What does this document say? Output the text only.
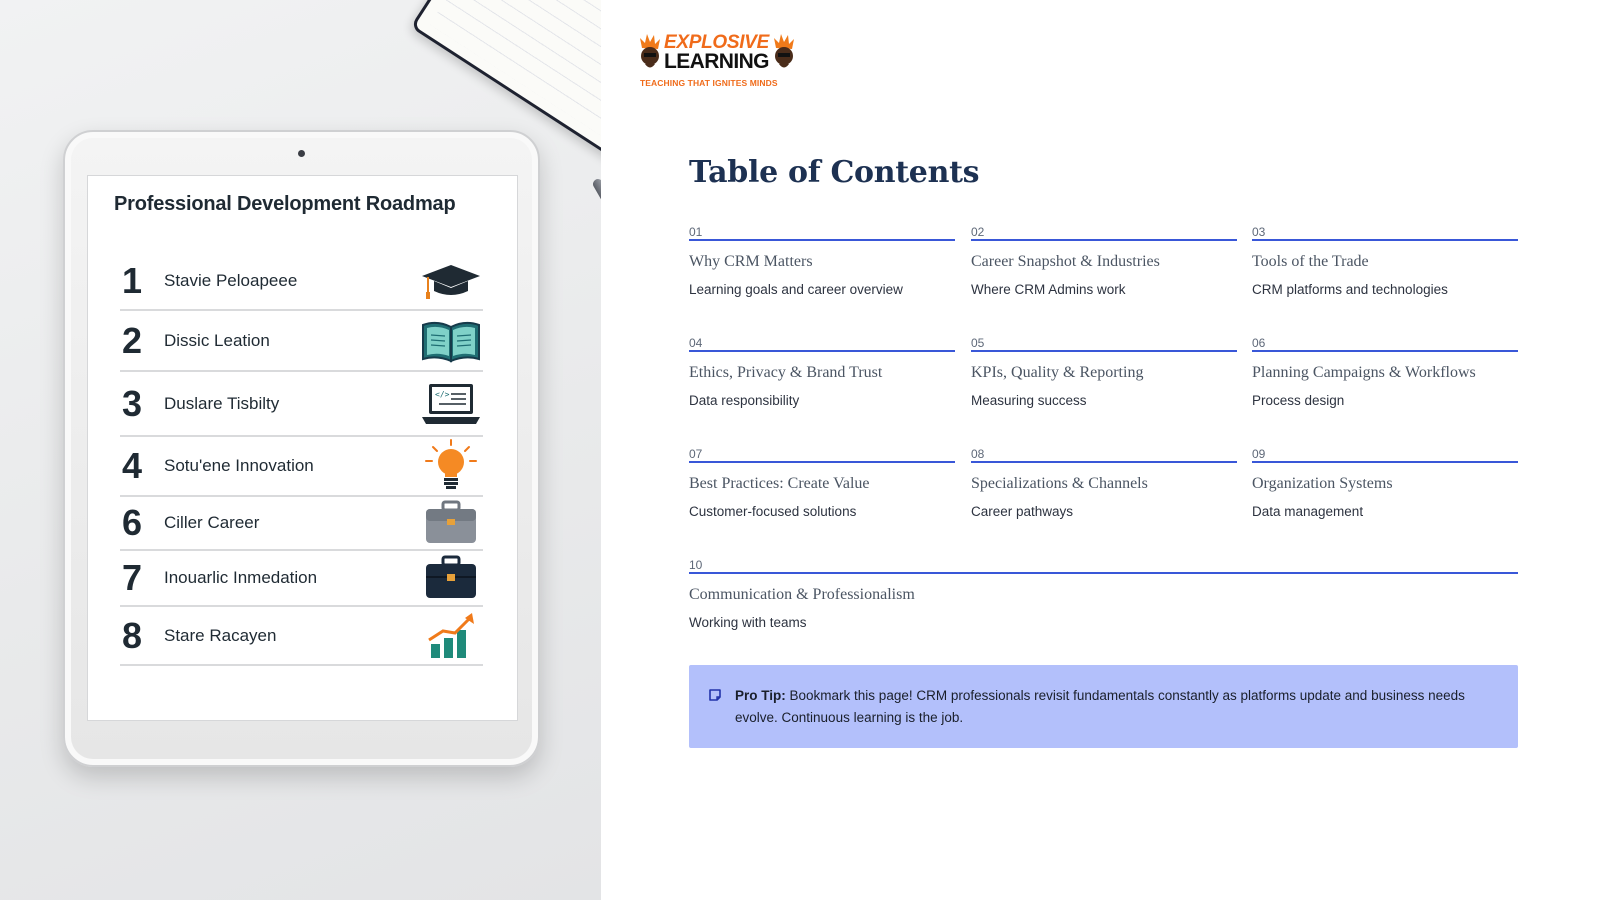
Professional Development Roadmap
1	Stavie Peloapeee
2	Dissic Leation
3	Duslare Tisbilty	</>
4	Sotu'ene Innovation
6	Ciller Career
7	Inouarlic Inmedation
8	Stare Racayen
EXPLOSIVE
LEARNING
TEACHING THAT IGNITES MINDS
Table of Contents
01
Why CRM Matters
Learning goals and career overview
02
Career Snapshot & Industries
Where CRM Admins work
03
Tools of the Trade
CRM platforms and technologies
04
Ethics, Privacy & Brand Trust
Data responsibility
05
KPIs, Quality & Reporting
Measuring success
06
Planning Campaigns & Workflows
Process design
07
Best Practices: Create Value
Customer-focused solutions
08
Specializations & Channels
Career pathways
09
Organization Systems
Data management
10
Communication & Professionalism
Working with teams

Pro Tip: Bookmark this page! CRM professionals revisit fundamentals constantly as platforms update and business needs evolve. Continuous learning is the job.
